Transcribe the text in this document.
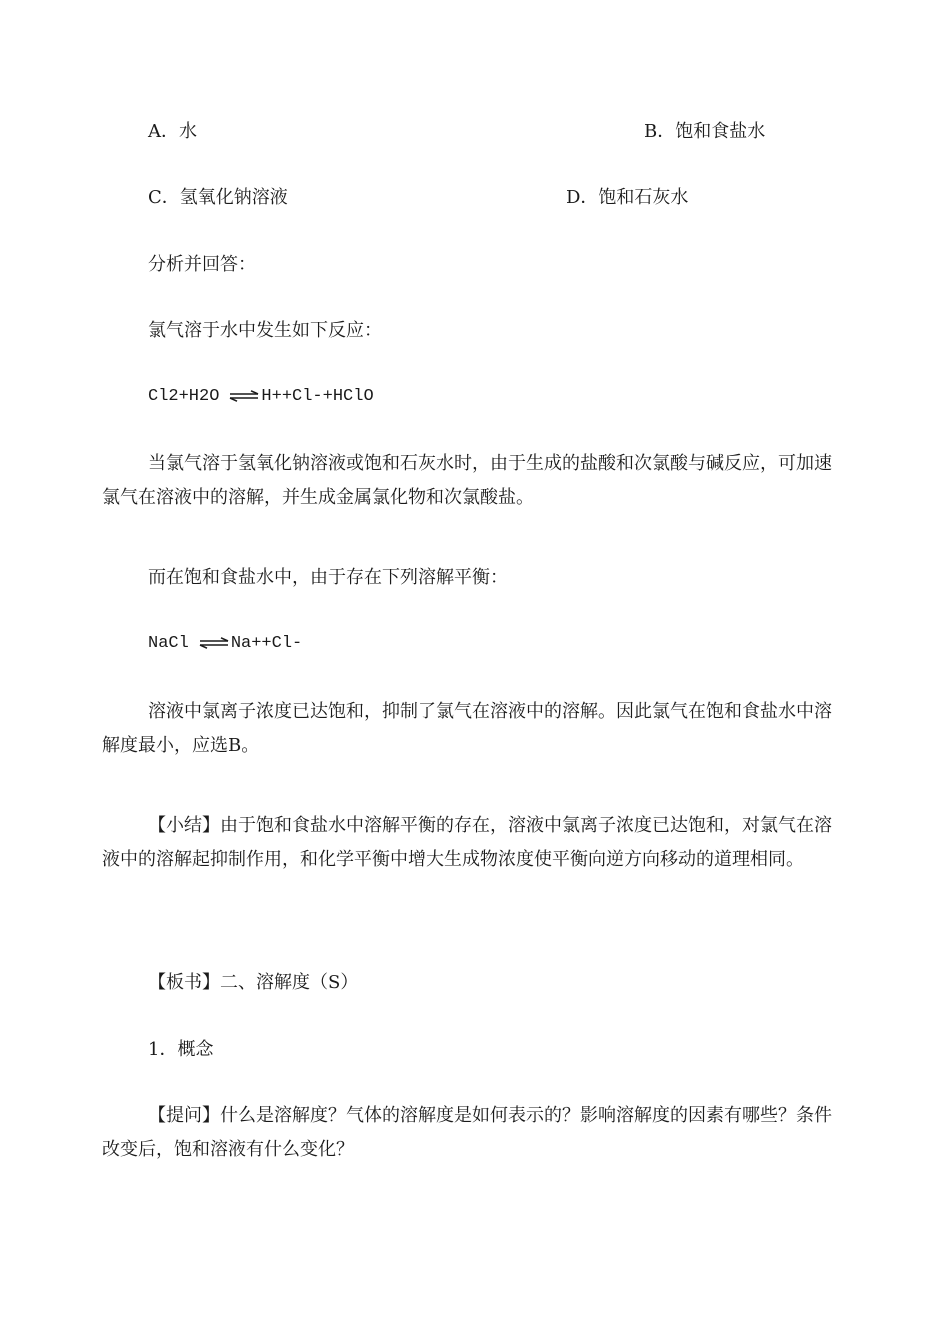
A．水	B．饱和食盐水
C．氢氧化钠溶液	D．饱和石灰水
分析并回答：
氯气溶于水中发生如下反应：
Cl2+H2O ⇌ H++Cl-+HClO
当氯气溶于氢氧化钠溶液或饱和石灰水时，由于生成的盐酸和次氯酸与碱反应，可加速氯气在溶液中的溶解，并生成金属氯化物和次氯酸盐。
而在饱和食盐水中，由于存在下列溶解平衡：
NaCl ⇌ Na++Cl-
溶液中氯离子浓度已达饱和，抑制了氯气在溶液中的溶解。因此氯气在饱和食盐水中溶解度最小，应选B。
【小结】由于饱和食盐水中溶解平衡的存在，溶液中氯离子浓度已达饱和，对氯气在溶液中的溶解起抑制作用，和化学平衡中增大生成物浓度使平衡向逆方向移动的道理相同。
【板书】二、溶解度（S）
1．概念
【提问】什么是溶解度？气体的溶解度是如何表示的？影响溶解度的因素有哪些？条件改变后，饱和溶液有什么变化？
